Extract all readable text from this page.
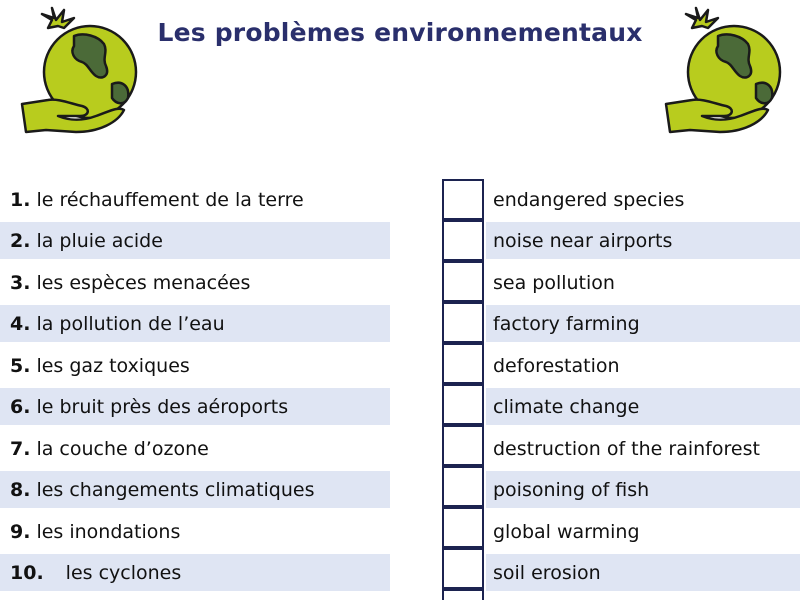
Les problèmes environnementaux
1. le réchauffement de la terre
2. la pluie acide
3. les espèces menacées
4. la pollution de l’eau
5. les gaz toxiques
6. le bruit près des aéroports
7. la couche d’ozone
8. les changements climatiques
9. les inondations
10. les cyclones
endangered species
noise near airports
sea pollution
factory farming
deforestation
climate change
destruction of the rainforest
poisoning of fish
global warming
soil erosion
